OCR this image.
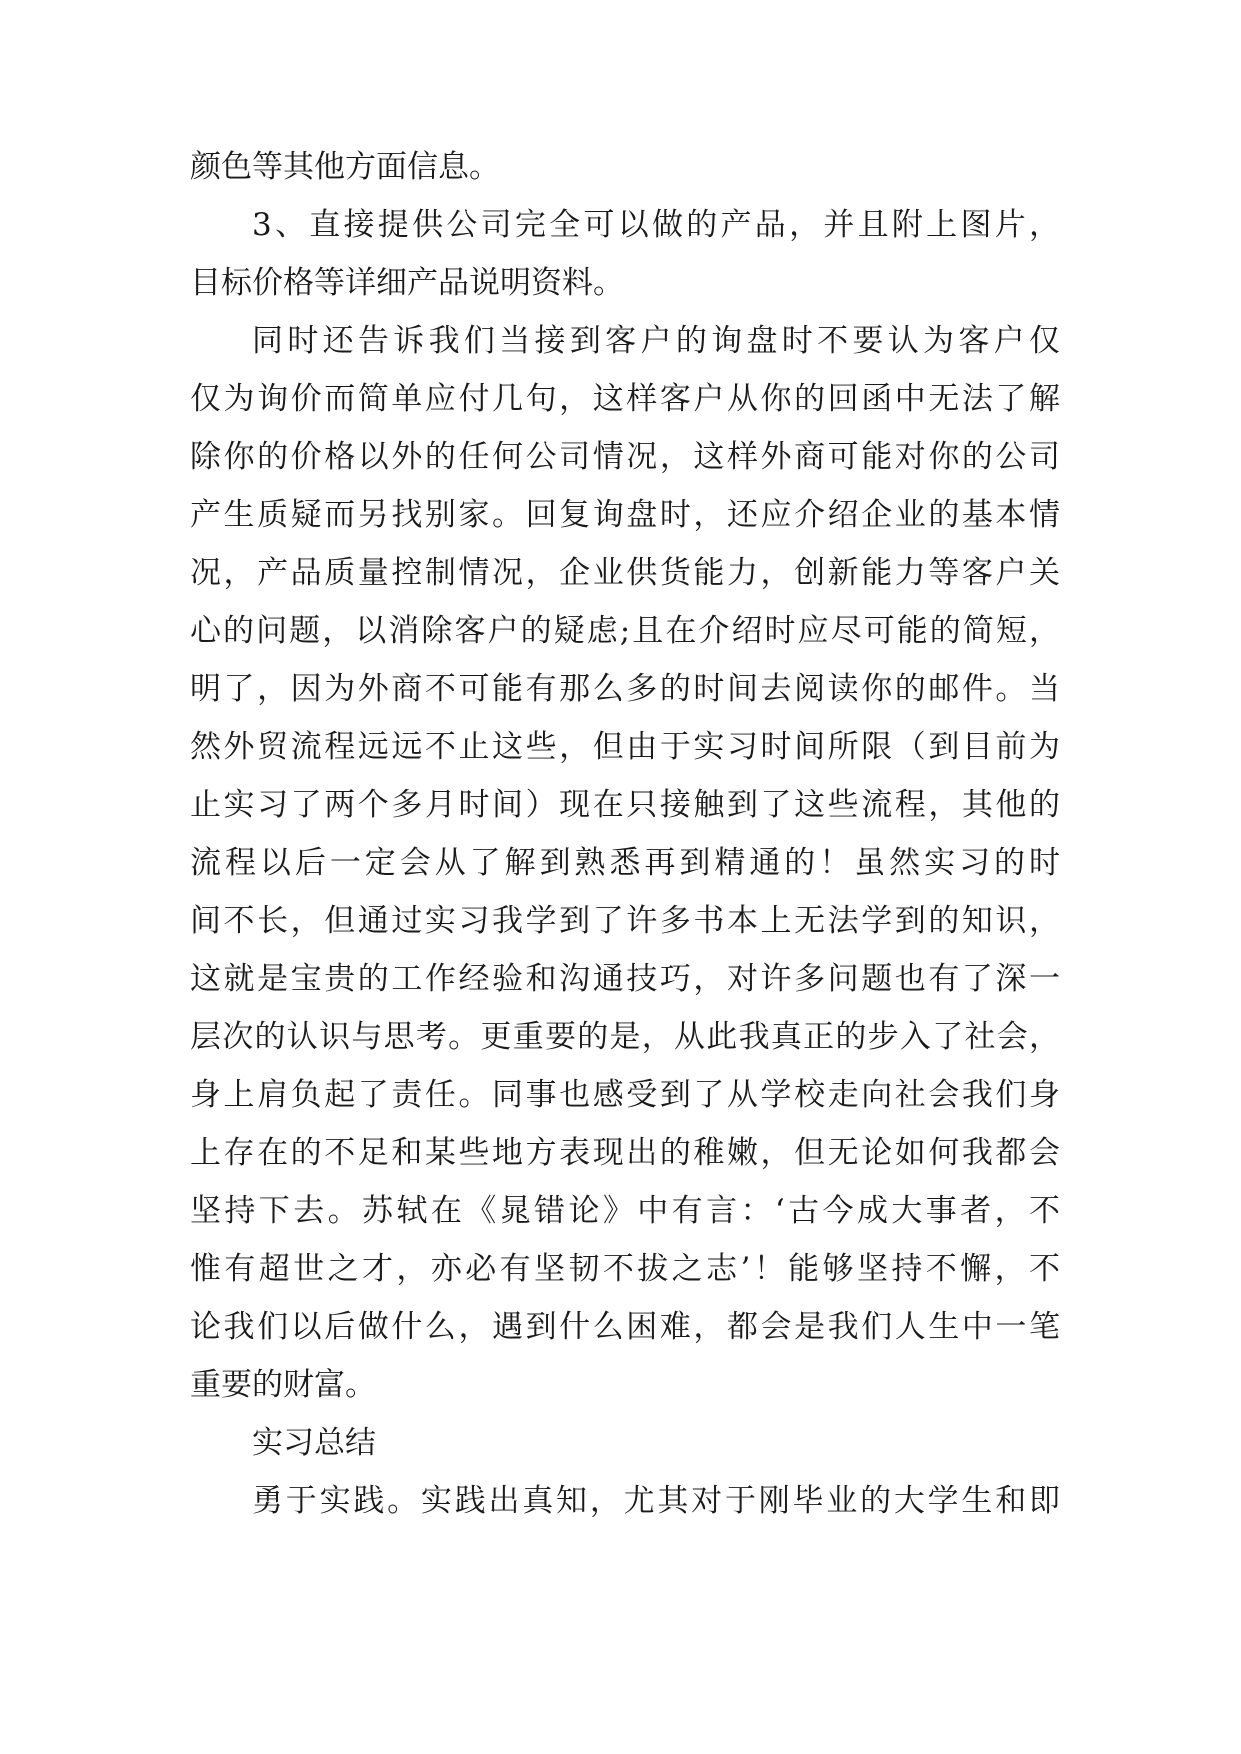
颜色等其他方面信息。
3、直接提供公司完全可以做的产品，并且附上图片，
目标价格等详细产品说明资料。
同时还告诉我们当接到客户的询盘时不要认为客户仅
仅为询价而简单应付几句，这样客户从你的回函中无法了解
除你的价格以外的任何公司情况，这样外商可能对你的公司
产生质疑而另找别家。回复询盘时，还应介绍企业的基本情
况，产品质量控制情况，企业供货能力，创新能力等客户关
心的问题，以消除客户的疑虑;且在介绍时应尽可能的简短，
明了，因为外商不可能有那么多的时间去阅读你的邮件。当
然外贸流程远远不止这些，但由于实习时间所限（到目前为
止实习了两个多月时间）现在只接触到了这些流程，其他的
流程以后一定会从了解到熟悉再到精通的！虽然实习的时
间不长，但通过实习我学到了许多书本上无法学到的知识，
这就是宝贵的工作经验和沟通技巧，对许多问题也有了深一
层次的认识与思考。更重要的是，从此我真正的步入了社会，
身上肩负起了责任。同事也感受到了从学校走向社会我们身
上存在的不足和某些地方表现出的稚嫩，但无论如何我都会
坚持下去。苏轼在《晁错论》中有言：‘古今成大事者，不
惟有超世之才，亦必有坚韧不拔之志’！能够坚持不懈，不
论我们以后做什么，遇到什么困难，都会是我们人生中一笔
重要的财富。
实习总结
勇于实践。实践出真知，尤其对于刚毕业的大学生和即
